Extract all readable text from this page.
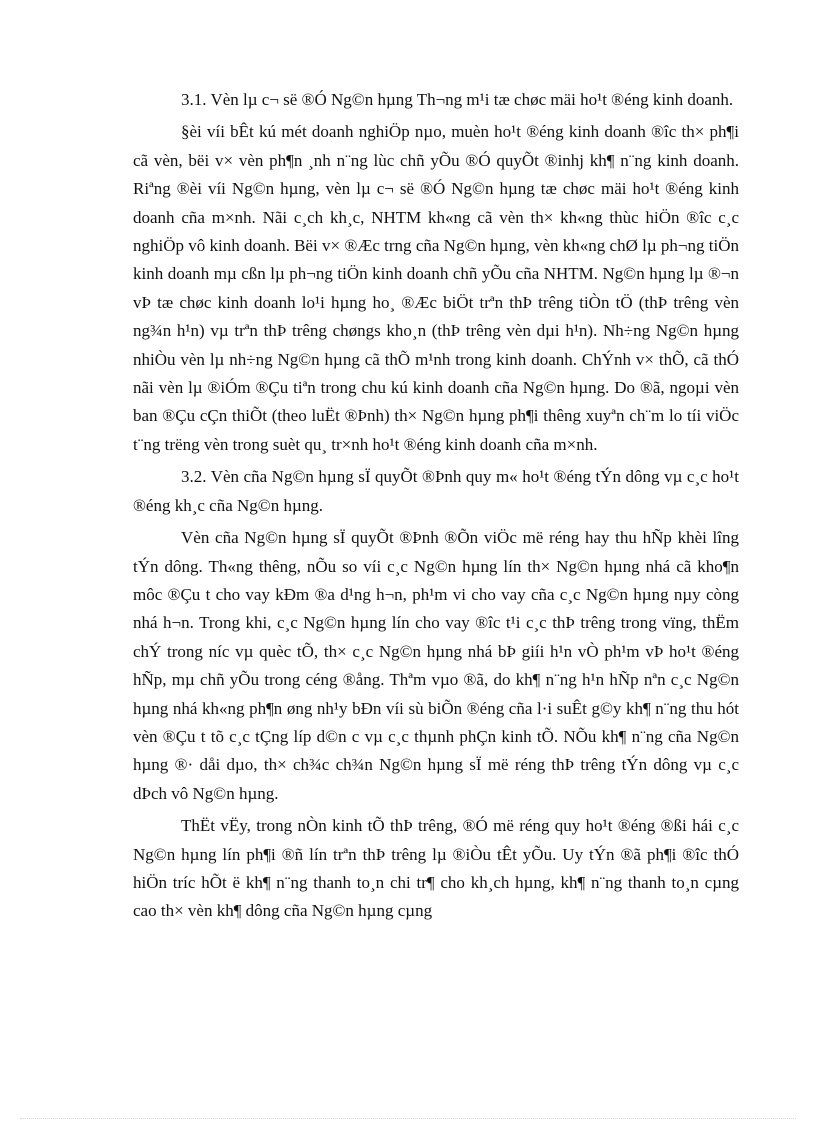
3.1. Vèn lµ c¬ së ®Ó Ng©n hµng Th¬ng m¹i tæ chøc mäi ho¹t ®éng kinh doanh.

§èi víi bÊt kú mét doanh nghiÖp nµo, muèn ho¹t ®éng kinh doanh ®îc th× ph¶i cã vèn, bëi v× vèn ph¶n ¸nh n¨ng lùc chñ yÕu ®Ó quyÕt ®inhj kh¶ n¨ng kinh doanh. Riªng ®èi víi Ng©n hµng, vèn lµ c¬ së ®Ó Ng©n hµng tæ chøc mäi ho¹t ®éng kinh doanh cña m×nh. Nãi c¸ch kh¸c, NHTM kh«ng cã vèn th× kh«ng thùc hiÖn ®îc c¸c nghiÖp vô kinh doanh. Bëi v× ®Æc trng cña Ng©n hµng, vèn kh«ng chØ lµ ph¬ng tiÖn kinh doanh mµ cßn lµ ph¬ng tiÖn kinh doanh chñ yÕu cña NHTM. Ng©n hµng lµ ®¬n vÞ tæ chøc kinh doanh lo¹i hµng ho¸ ®Æc biÖt trªn thÞ trêng tiÒn tÖ (thÞ trêng vèn ng¾n h¹n) vµ trªn thÞ trêng chøngs kho¸n (thÞ trêng vèn dµi h¹n). Nh÷ng Ng©n hµng nhiÒu vèn lµ nh÷ng Ng©n hµng cã thÕ m¹nh trong kinh doanh. ChÝnh v× thÕ, cã thÓ nãi vèn lµ ®iÓm ®Çu tiªn trong chu kú kinh doanh cña Ng©n hµng. Do ®ã, ngoµi vèn ban ®Çu cÇn thiÕt (theo luËt ®Þnh) th× Ng©n hµng ph¶i thêng xuyªn ch¨m lo tíi viÖc t¨ng trëng vèn trong suèt qu¸ tr×nh ho¹t ®éng kinh doanh cña m×nh.

3.2. Vèn cña Ng©n hµng sÏ quyÕt ®Þnh quy m« ho¹t ®éng tÝn dông vµ c¸c ho¹t ®éng kh¸c cña Ng©n hµng.

Vèn cña Ng©n hµng sÏ quyÕt ®Þnh ®Õn viÖc më réng hay thu hÑp khèi lîng tÝn dông. Th«ng thêng, nÕu so víi c¸c Ng©n hµng lín th× Ng©n hµng nhá cã kho¶n môc ®Çu t cho vay kÐm ®a d¹ng h¬n, ph¹m vi cho vay cña c¸c Ng©n hµng nµy còng nhá h¬n. Trong khi, c¸c Ng©n hµng lín cho vay ®îc t¹i c¸c thÞ trêng trong vïng, thËm chÝ trong níc vµ quèc tÕ, th× c¸c Ng©n hµng nhá bÞ giíi h¹n vÒ ph¹m vÞ ho¹t ®éng hÑp, mµ chñ yÕu trong céng ®ång. Thªm vµo ®ã, do kh¶ n¨ng h¹n hÑp nªn c¸c Ng©n hµng nhá kh«ng ph¶n øng nh¹y bÐn víi sù biÕn ®éng cña l·i suÊt g©y kh¶ n¨ng thu hót vèn ®Çu t tõ c¸c tÇng líp d©n c vµ c¸c thµnh phÇn kinh tÕ. NÕu kh¶ n¨ng cña Ng©n hµng ®· dåi dµo, th× ch¾c ch¾n Ng©n hµng sÏ më réng thÞ trêng tÝn dông vµ c¸c dÞch vô Ng©n hµng.

ThËt vËy, trong nÒn kinh tÕ thÞ trêng, ®Ó më réng quy ho¹t ®éng ®ßi hái c¸c Ng©n hµng lín ph¶i ®ñ lín trªn thÞ trêng lµ ®iÒu tÊt yÕu. Uy tÝn ®ã ph¶i ®îc thÓ hiÖn tríc hÕt ë kh¶ n¨ng thanh to¸n chi tr¶ cho kh¸ch hµng, kh¶ n¨ng thanh to¸n cµng cao th× vèn kh¶ dông cña Ng©n hµng cµng
